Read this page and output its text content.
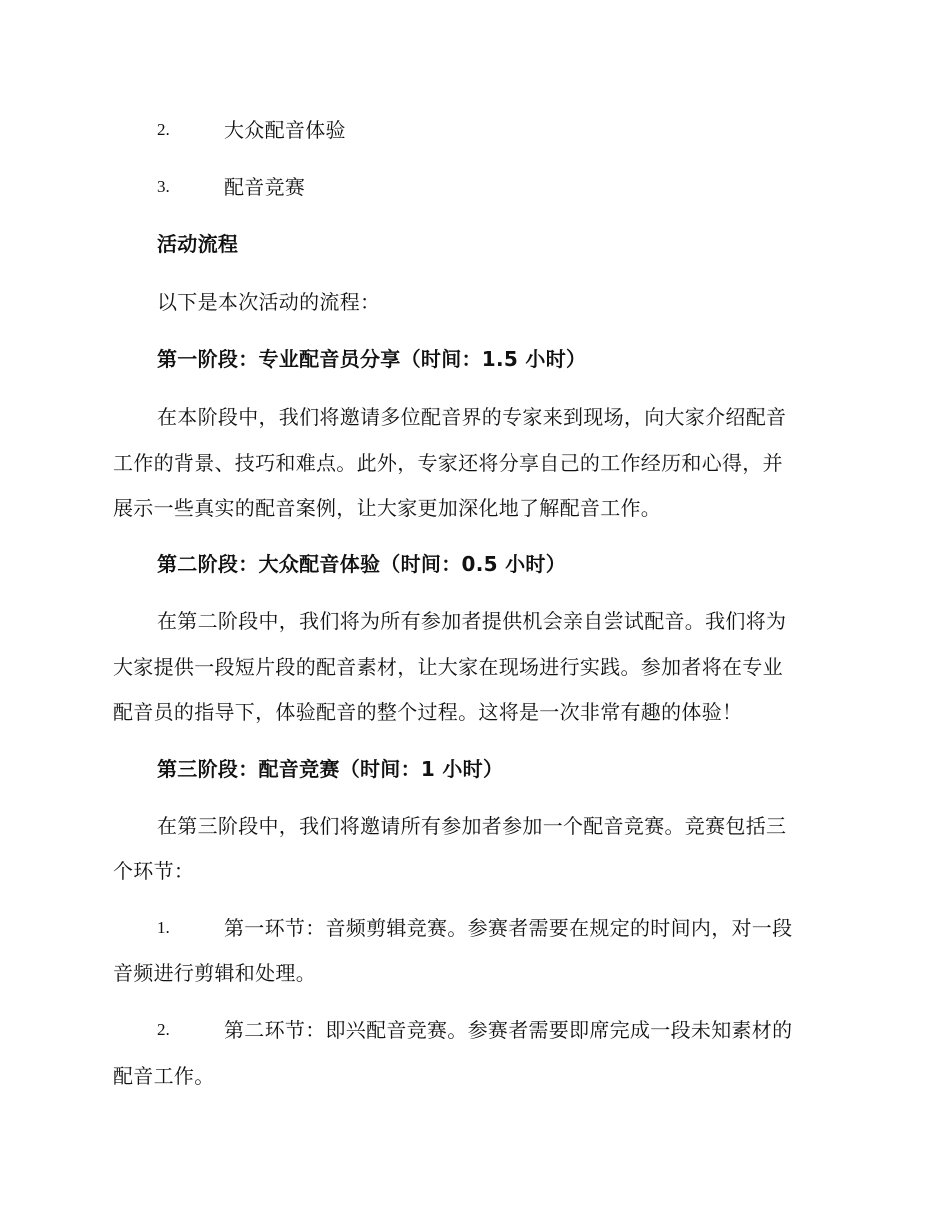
2.	大众配音体验
3.	配音竞赛
活动流程
以下是本次活动的流程：
第一阶段：专业配音员分享（时间：1.5 小时）
在本阶段中，我们将邀请多位配音界的专家来到现场，向大家介绍配音
工作的背景、技巧和难点。此外，专家还将分享自己的工作经历和心得，并
展示一些真实的配音案例，让大家更加深化地了解配音工作。
第二阶段：大众配音体验（时间：0.5 小时）
在第二阶段中，我们将为所有参加者提供机会亲自尝试配音。我们将为
大家提供一段短片段的配音素材，让大家在现场进行实践。参加者将在专业
配音员的指导下，体验配音的整个过程。这将是一次非常有趣的体验！
第三阶段：配音竞赛（时间：1 小时）
在第三阶段中，我们将邀请所有参加者参加一个配音竞赛。竞赛包括三
个环节：
1.	第一环节：音频剪辑竞赛。参赛者需要在规定的时间内，对一段
音频进行剪辑和处理。
2.	第二环节：即兴配音竞赛。参赛者需要即席完成一段未知素材的
配音工作。
